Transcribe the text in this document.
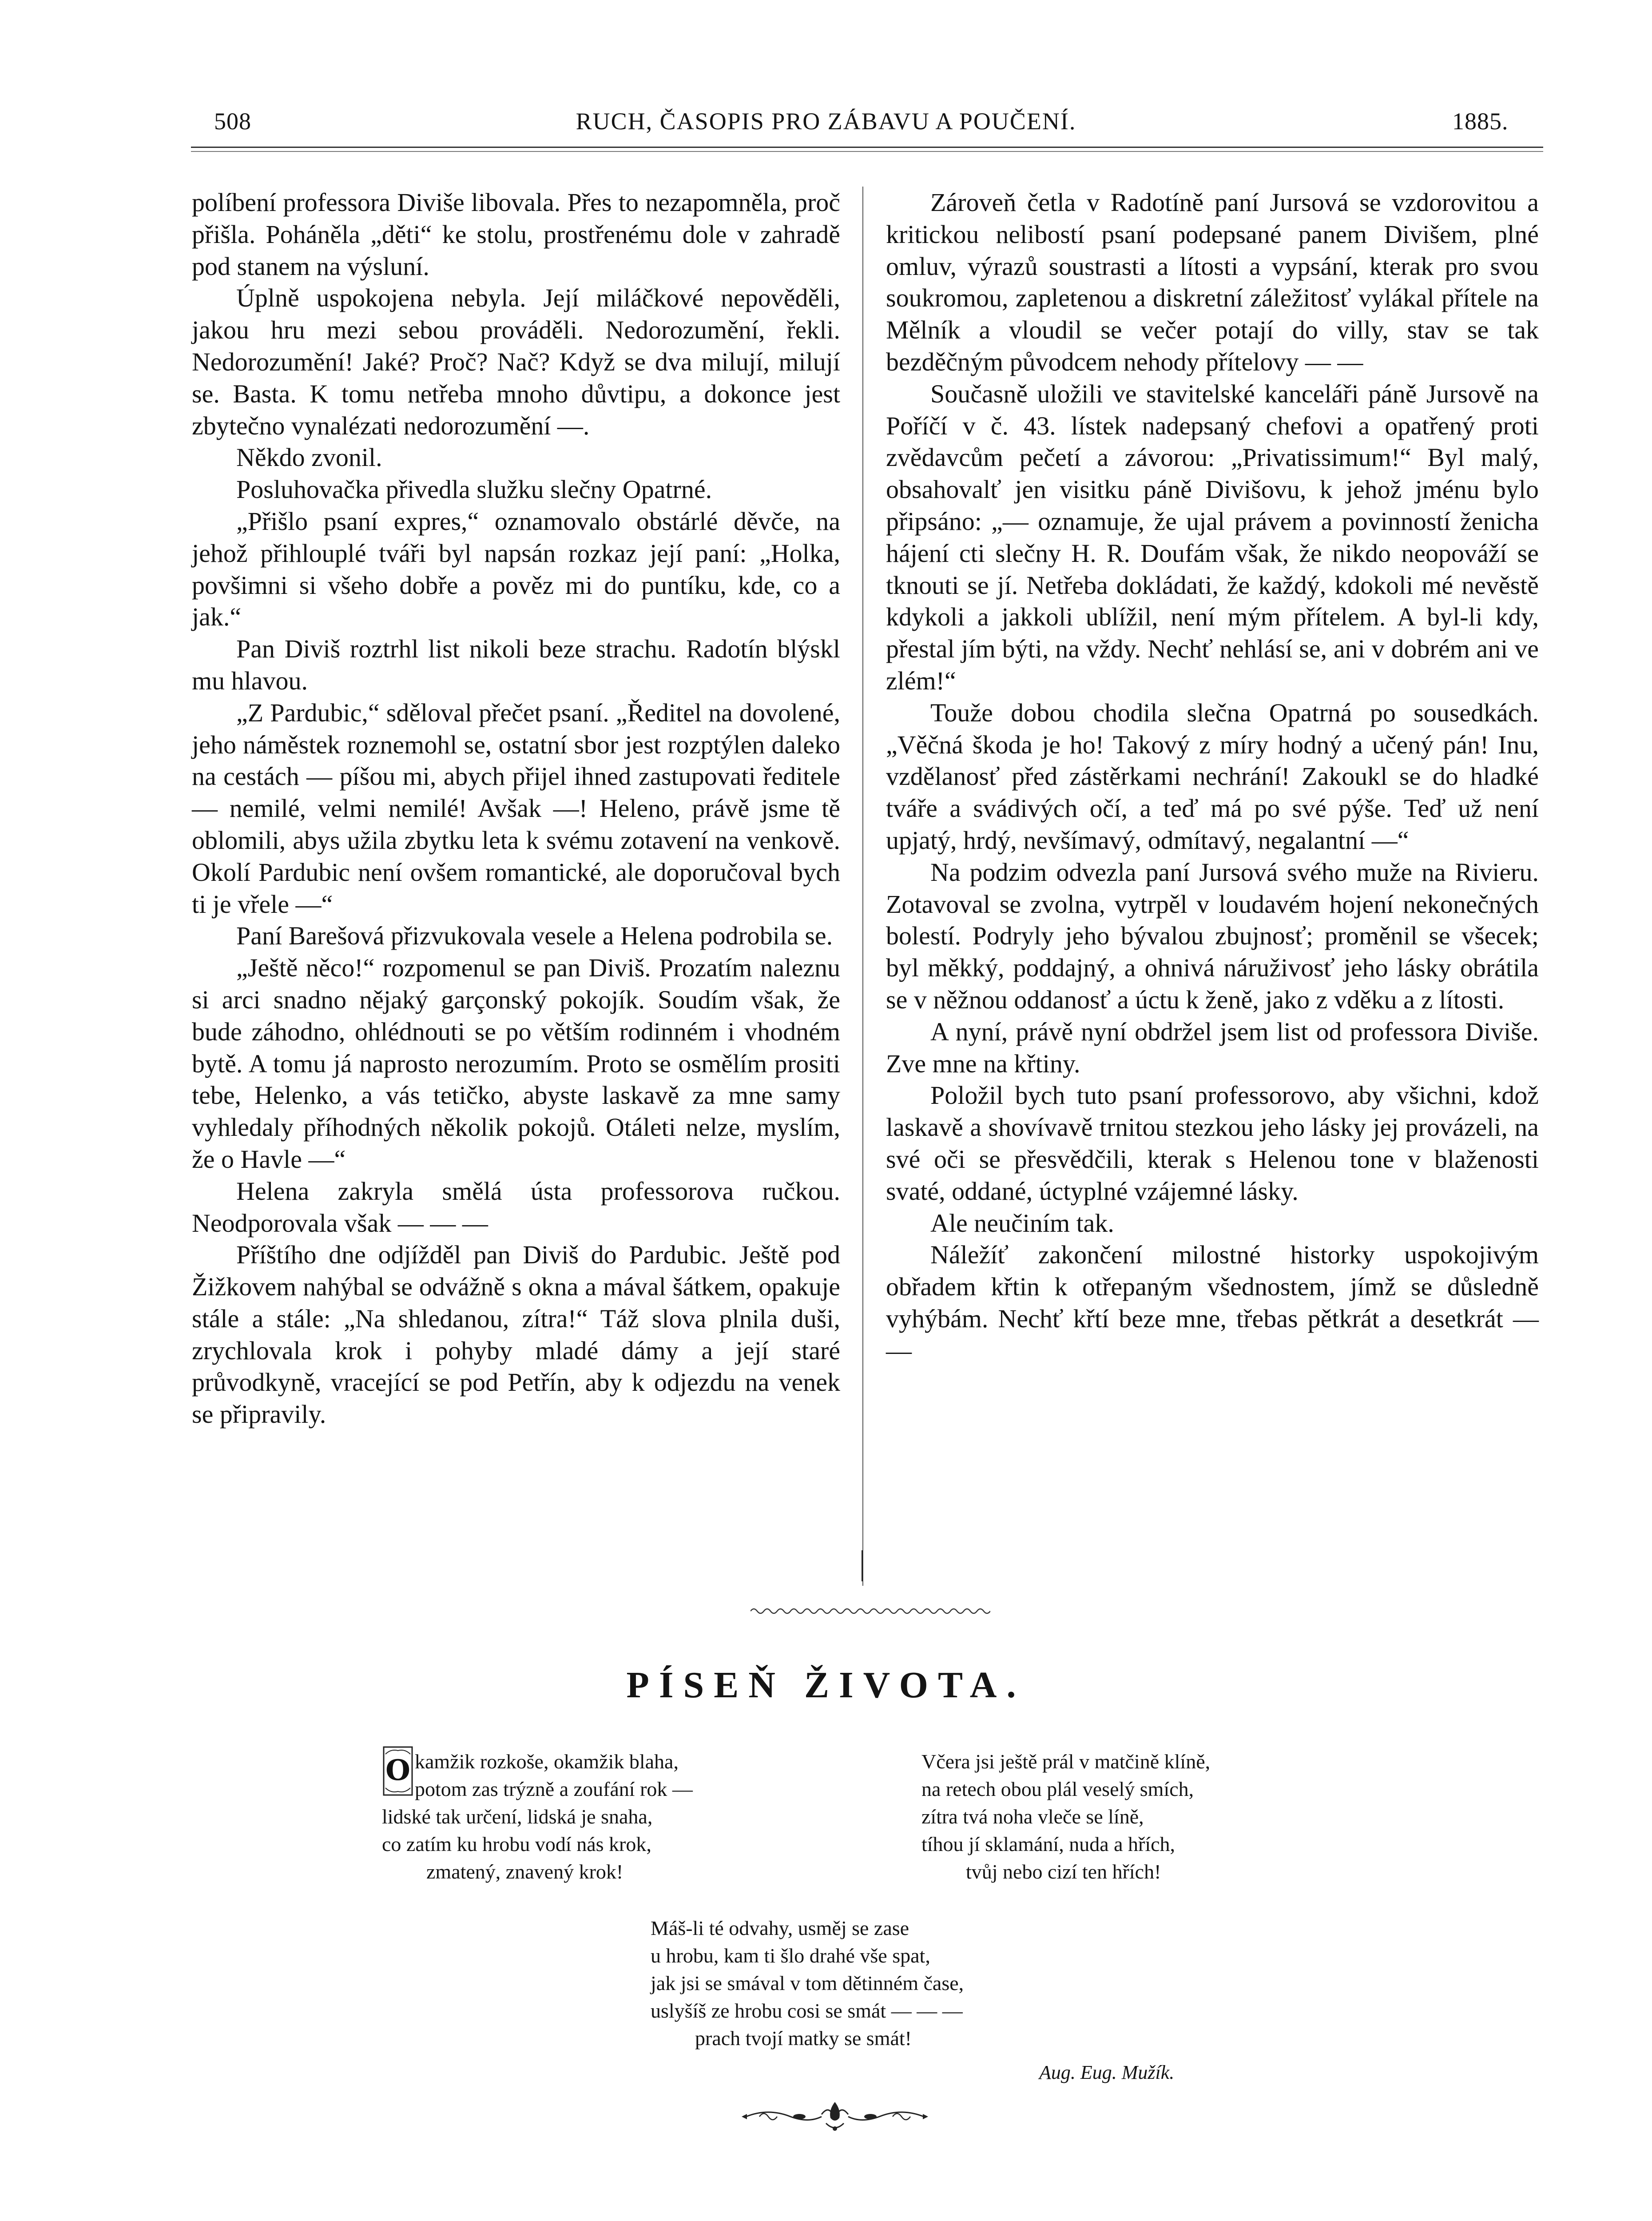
508	RUCH, ČASOPIS PRO ZÁBAVU A POUČENÍ.	1885.

políbení professora Diviše libovala. Přes to nezapomněla, proč přišla. Poháněla „děti“ ke stolu, prostřenému dole v zahradě pod stanem na výsluní.

Úplně uspokojena nebyla. Její miláčkové nepověděli, jakou hru mezi sebou prováděli. Nedorozumění, řekli. Nedorozumění! Jaké? Proč? Nač? Když se dva milují, milují se. Basta. K tomu netřeba mnoho důvtipu, a dokonce jest zbytečno vynalézati nedorozumění —.

Někdo zvonil.

Posluhovačka přivedla služku slečny Opatrné.

„Přišlo psaní expres,“ oznamovalo obstárlé děvče, na jehož přihlouplé tváři byl napsán rozkaz její paní: „Holka, povšimni si všeho dobře a pověz mi do puntíku, kde, co a jak.“

Pan Diviš roztrhl list nikoli beze strachu. Radotín blýskl mu hlavou.

„Z Pardubic,“ sděloval přečet psaní. „Ředitel na dovolené, jeho náměstek roznemohl se, ostatní sbor jest rozptýlen daleko na cestách — píšou mi, abych přijel ihned zastupovati ředitele — nemilé, velmi nemilé! Avšak —! Heleno, právě jsme tě oblomili, abys užila zbytku leta k svému zotavení na venkově. Okolí Pardubic není ovšem romantické, ale doporučoval bych ti je vřele —“

Paní Barešová přizvukovala vesele a Helena podrobila se.

„Ještě něco!“ rozpomenul se pan Diviš. Prozatím naleznu si arci snadno nějaký garçonský pokojík. Soudím však, že bude záhodno, ohlédnouti se po větším rodinném i vhodném bytě. A tomu já naprosto nerozumím. Proto se osmělím prositi tebe, Helenko, a vás tetičko, abyste laskavě za mne samy vyhledaly příhodných několik pokojů. Otáleti nelze, myslím, že o Havle —“

Helena zakryla smělá ústa professorova ručkou. Neodporovala však — — —

Příštího dne odjížděl pan Diviš do Pardubic. Ještě pod Žižkovem nahýbal se odvážně s okna a mával šátkem, opakuje stále a stále: „Na shledanou, zítra!“ Táž slova plnila duši, zrychlovala krok i pohyby mladé dámy a její staré průvodkyně, vracející se pod Petřín, aby k odjezdu na venek se připravily.

Zároveň četla v Radotíně paní Jursová se vzdorovitou a kritickou nelibostí psaní podepsané panem Divišem, plné omluv, výrazů soustrasti a lítosti a vypsání, kterak pro svou soukromou, zapletenou a diskretní záležitosť vylákal přítele na Mělník a vloudil se večer potají do villy, stav se tak bezděčným původcem nehody přítelovy — —

Současně uložili ve stavitelské kanceláři páně Jursově na Poříčí v č. 43. lístek nadepsaný chefovi a opatřený proti zvědavcům pečetí a závorou: „Privatissimum!“ Byl malý, obsahovalť jen visitku páně Divišovu, k jehož jménu bylo připsáno: „— oznamuje, že ujal právem a povinností ženicha hájení cti slečny H. R. Doufám však, že nikdo neopováží se tknouti se jí. Netřeba dokládati, že každý, kdokoli mé nevěstě kdykoli a jakkoli ublížil, není mým přítelem. A byl-li kdy, přestal jím býti, na vždy. Nechť nehlásí se, ani v dobrém ani ve zlém!“

Touže dobou chodila slečna Opatrná po sousedkách. „Věčná škoda je ho! Takový z míry hodný a učený pán! Inu, vzdělanosť před zástěrkami nechrání! Zakoukl se do hladké tváře a svádivých očí, a teď má po své pýše. Teď už není upjatý, hrdý, nevšímavý, odmítavý, negalantní —“

Na podzim odvezla paní Jursová svého muže na Rivieru. Zotavoval se zvolna, vytrpěl v loudavém hojení nekonečných bolestí. Podryly jeho bývalou zbujnosť; proměnil se všecek; byl měkký, poddajný, a ohnivá náruživosť jeho lásky obrátila se v něžnou oddanosť a úctu k ženě, jako z vděku a z lítosti.

A nyní, právě nyní obdržel jsem list od professora Diviše. Zve mne na křtiny.

Položil bych tuto psaní professorovo, aby všichni, kdož laskavě a shovívavě trnitou stezkou jeho lásky jej provázeli, na své oči se přesvědčili, kterak s Helenou tone v blaženosti svaté, oddané, úctyplné vzájemné lásky.

Ale neučiním tak.

Náležíť zakončení milostné historky uspokojivým obřadem křtin k otřepaným všednostem, jímž se důsledně vyhýbám. Nechť křtí beze mne, třebas pětkrát a desetkrát — —

PÍSEŇ ŽIVOTA.
O kamžik rozkoše, okamžik blaha,
potom zas trýzně a zoufání rok —
lidské tak určení, lidská je snaha,
co zatím ku hrobu vodí nás krok,
zmatený, znavený krok!
Včera jsi ještě prál v matčině klíně,
na retech obou plál veselý smích,
zítra tvá noha vleče se líně,
tíhou jí sklamání, nuda a hřích,
tvůj nebo cizí ten hřích!
Máš-li té odvahy, usměj se zase
u hrobu, kam ti šlo drahé vše spat,
jak jsi se smával v tom dětinném čase,
uslyšíš ze hrobu cosi se smát — — —
prach tvojí matky se smát!
Aug. Eug. Mužík.
